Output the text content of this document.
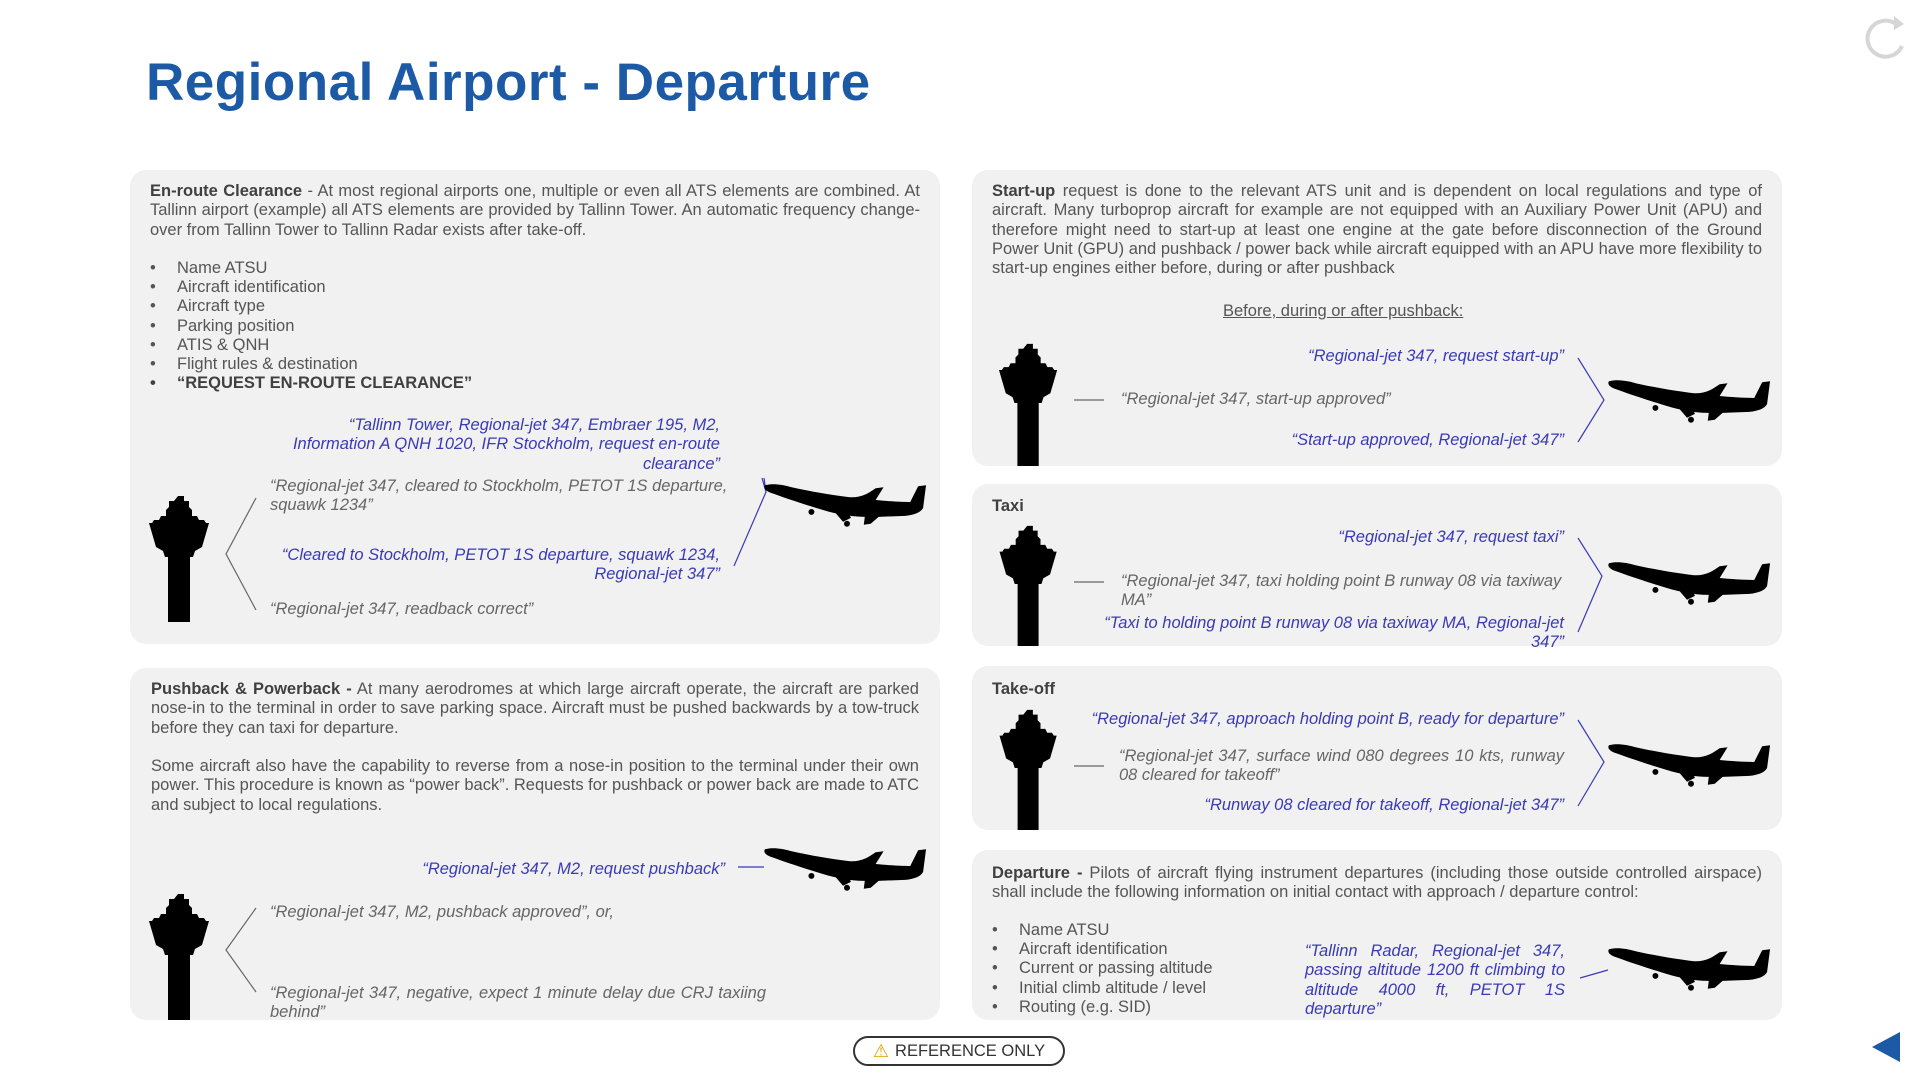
Regional Airport - Departure

En-route Clearance - At most regional airports one, multiple or even all ATS elements are combined. At Tallinn airport (example) all ATS elements are provided by Tallinn Tower. An automatic frequency change-over from Tallinn Tower to Tallinn Radar exists after take-off.

• Name ATSU
• Aircraft identification
• Aircraft type
• Parking position
• ATIS & QNH
• Flight rules & destination
• “REQUEST EN-ROUTE CLEARANCE”
“Tallinn Tower, Regional-jet 347, Embraer 195, M2, Information A QNH 1020, IFR Stockholm, request en-route clearance”
“Regional-jet 347, cleared to Stockholm, PETOT 1S departure, squawk 1234”
“Cleared to Stockholm, PETOT 1S departure, squawk 1234, Regional-jet 347”
“Regional-jet 347, readback correct”

Pushback & Powerback - At many aerodromes at which large aircraft operate, the aircraft are parked nose-in to the terminal in order to save parking space. Aircraft must be pushed backwards by a tow-truck before they can taxi for departure.

Some aircraft also have the capability to reverse from a nose-in position to the terminal under their own power. This procedure is known as “power back”. Requests for pushback or power back are made to ATC and subject to local regulations.

“Regional-jet 347, M2, request pushback”
“Regional-jet 347, M2, pushback approved”, or,
“Regional-jet 347, negative, expect 1 minute delay due CRJ taxiing behind”

Start-up request is done to the relevant ATS unit and is dependent on local regulations and type of aircraft. Many turboprop aircraft for example are not equipped with an Auxiliary Power Unit (APU) and therefore might need to start-up at least one engine at the gate before disconnection of the Ground Power Unit (GPU) and pushback / power back while aircraft equipped with an APU have more flexibility to start-up engines either before, during or after pushback

Before, during or after pushback:
“Regional-jet 347, request start-up”
“Regional-jet 347, start-up approved”
“Start-up approved, Regional-jet 347”
Taxi
“Regional-jet 347, request taxi”
“Regional-jet 347, taxi holding point B runway 08 via taxiway MA”
“Taxi to holding point B runway 08 via taxiway MA, Regional-jet 347”
Take-off
“Regional-jet 347, approach holding point B, ready for departure”
“Regional-jet 347, surface wind 080 degrees 10 kts, runway 08 cleared for takeoff”
“Runway 08 cleared for takeoff, Regional-jet 347”

Departure - Pilots of aircraft flying instrument departures (including those outside controlled airspace) shall include the following information on initial contact with approach / departure control:

• Name ATSU
• Aircraft identification
• Current or passing altitude
• Initial climb altitude / level
• Routing (e.g. SID)
“Tallinn Radar, Regional-jet 347, passing altitude 1200 ft climbing to altitude 4000 ft, PETOT 1S departure”
⚠ REFERENCE ONLY
